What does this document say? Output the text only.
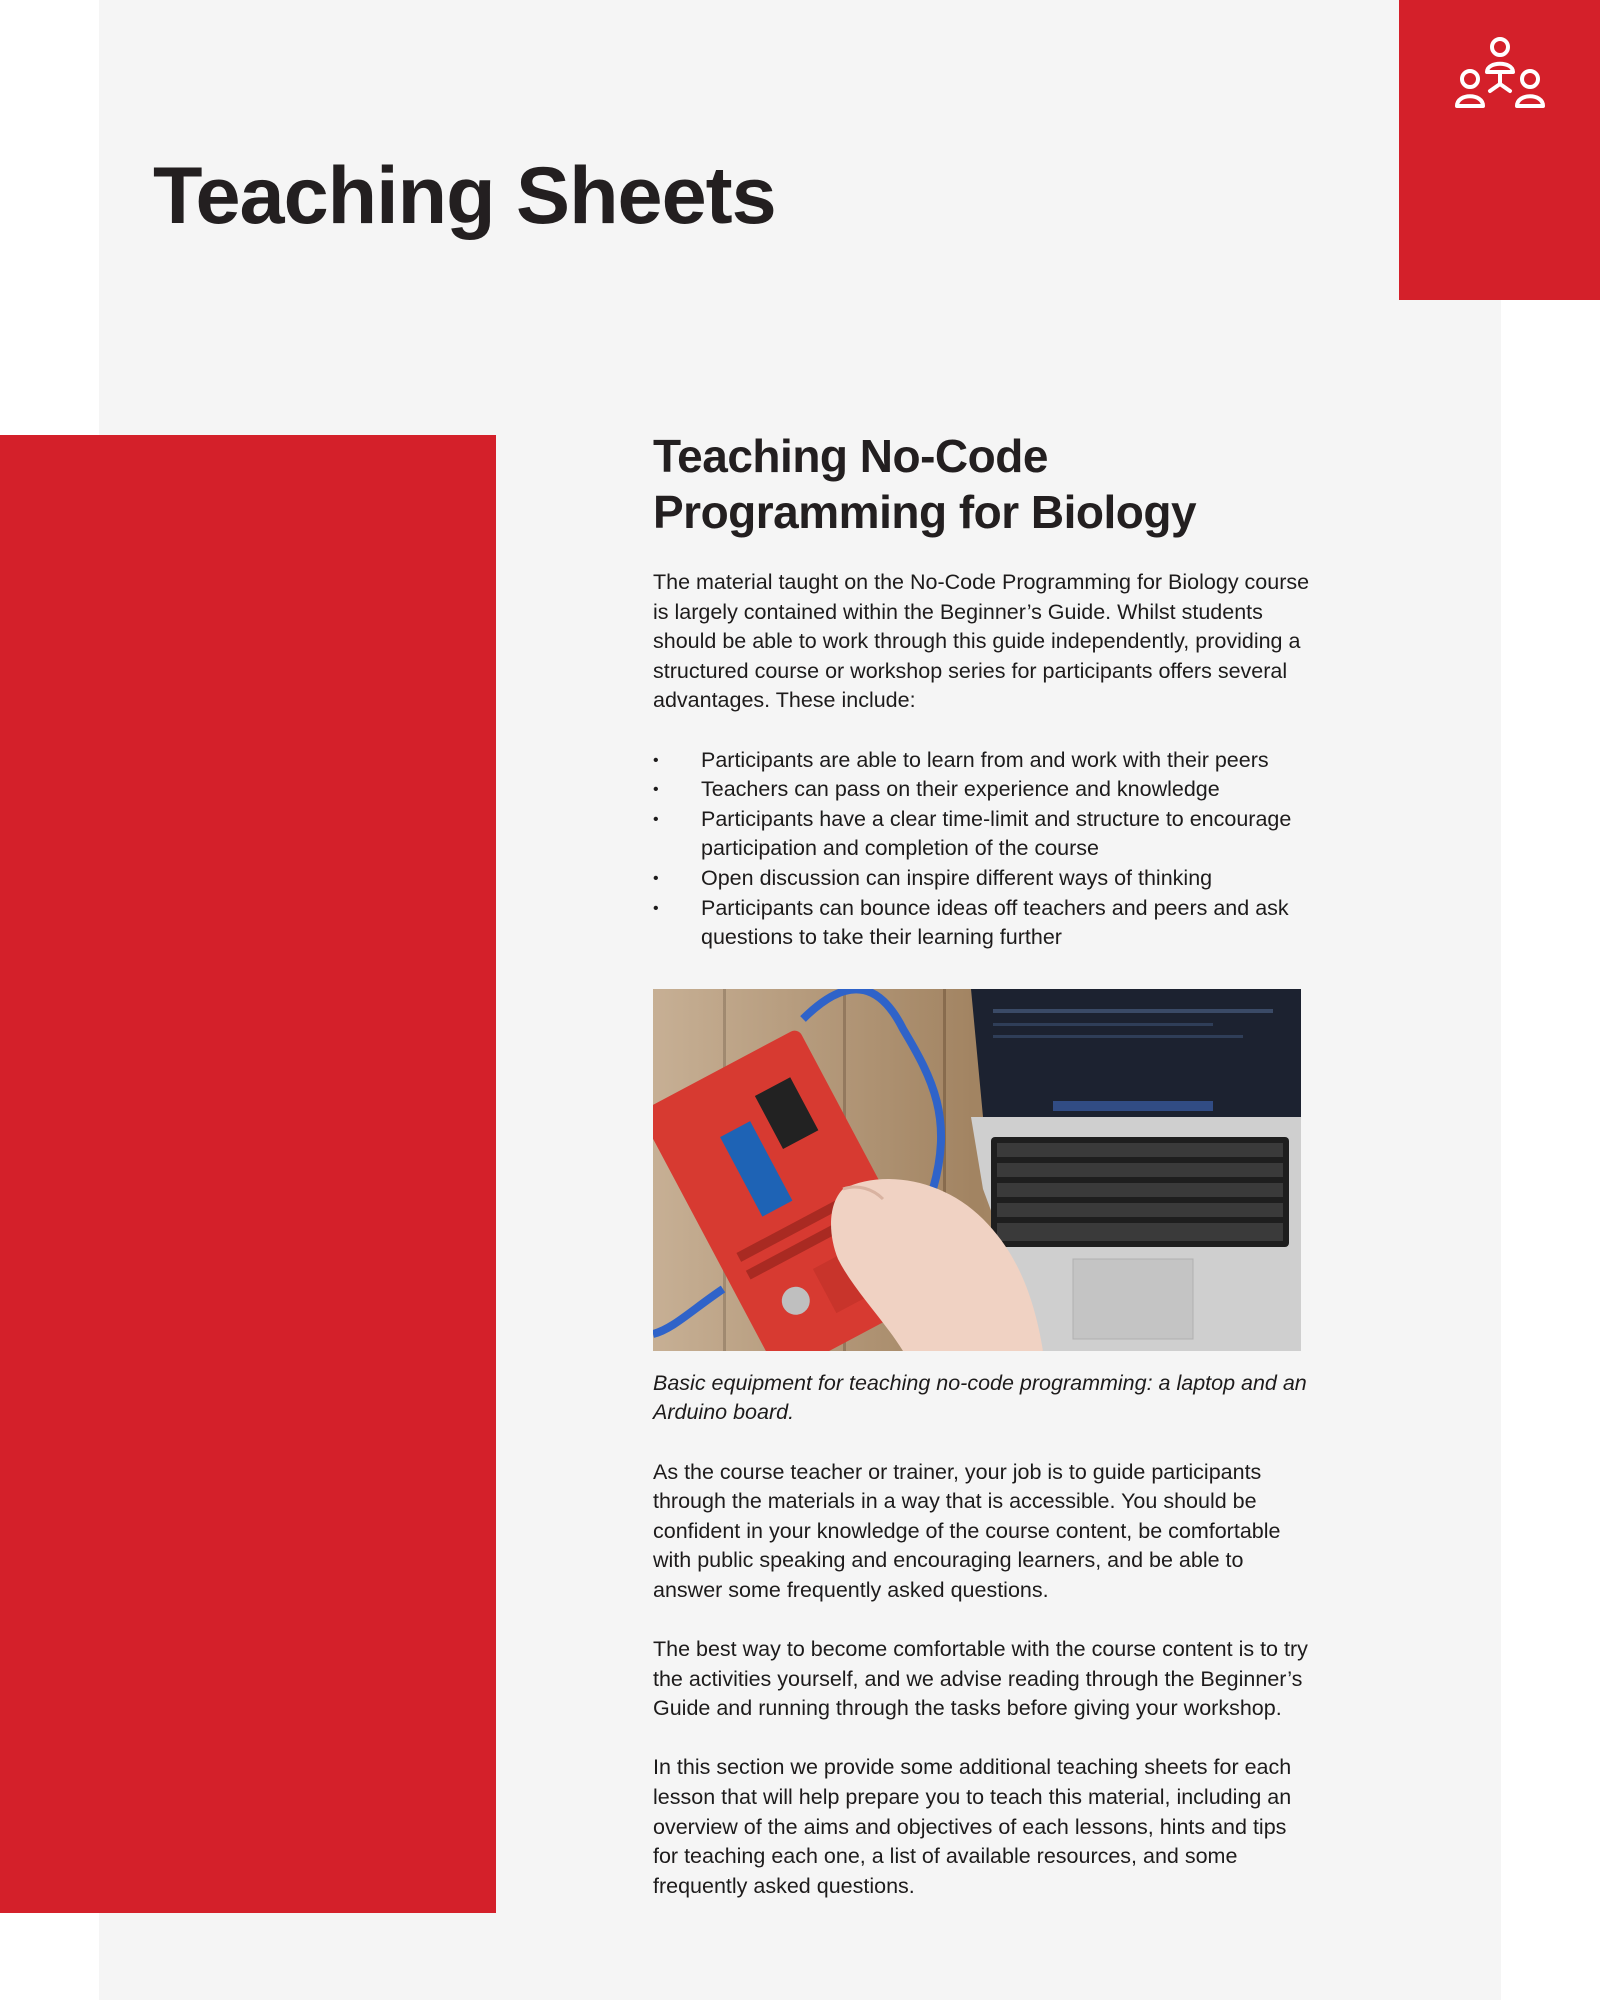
Teaching Sheets
Teaching No-Code
Programming for Biology

The material taught on the No-Code Programming for Biology course is largely contained within the Beginner’s Guide. Whilst students should be able to work through this guide independently, providing a structured course or workshop series for participants offers several advantages. These include:

• Participants are able to learn from and work with their peers
• Teachers can pass on their experience and knowledge
• Participants have a clear time-limit and structure to encourage participation and completion of the course
• Open discussion can inspire different ways of thinking
• Participants can bounce ideas off teachers and peers and ask questions to take their learning further

Basic equipment for teaching no-code programming: a laptop and an Arduino board.

As the course teacher or trainer, your job is to guide participants through the materials in a way that is accessible. You should be confident in your knowledge of the course content, be comfortable with public speaking and encouraging learners, and be able to answer some frequently asked questions.

The best way to become comfortable with the course content is to try the activities yourself, and we advise reading through the Beginner’s Guide and running through the tasks before giving your workshop.

In this section we provide some additional teaching sheets for each lesson that will help prepare you to teach this material, including an overview of the aims and objectives of each lessons, hints and tips for teaching each one, a list of available resources, and some frequently asked questions.
